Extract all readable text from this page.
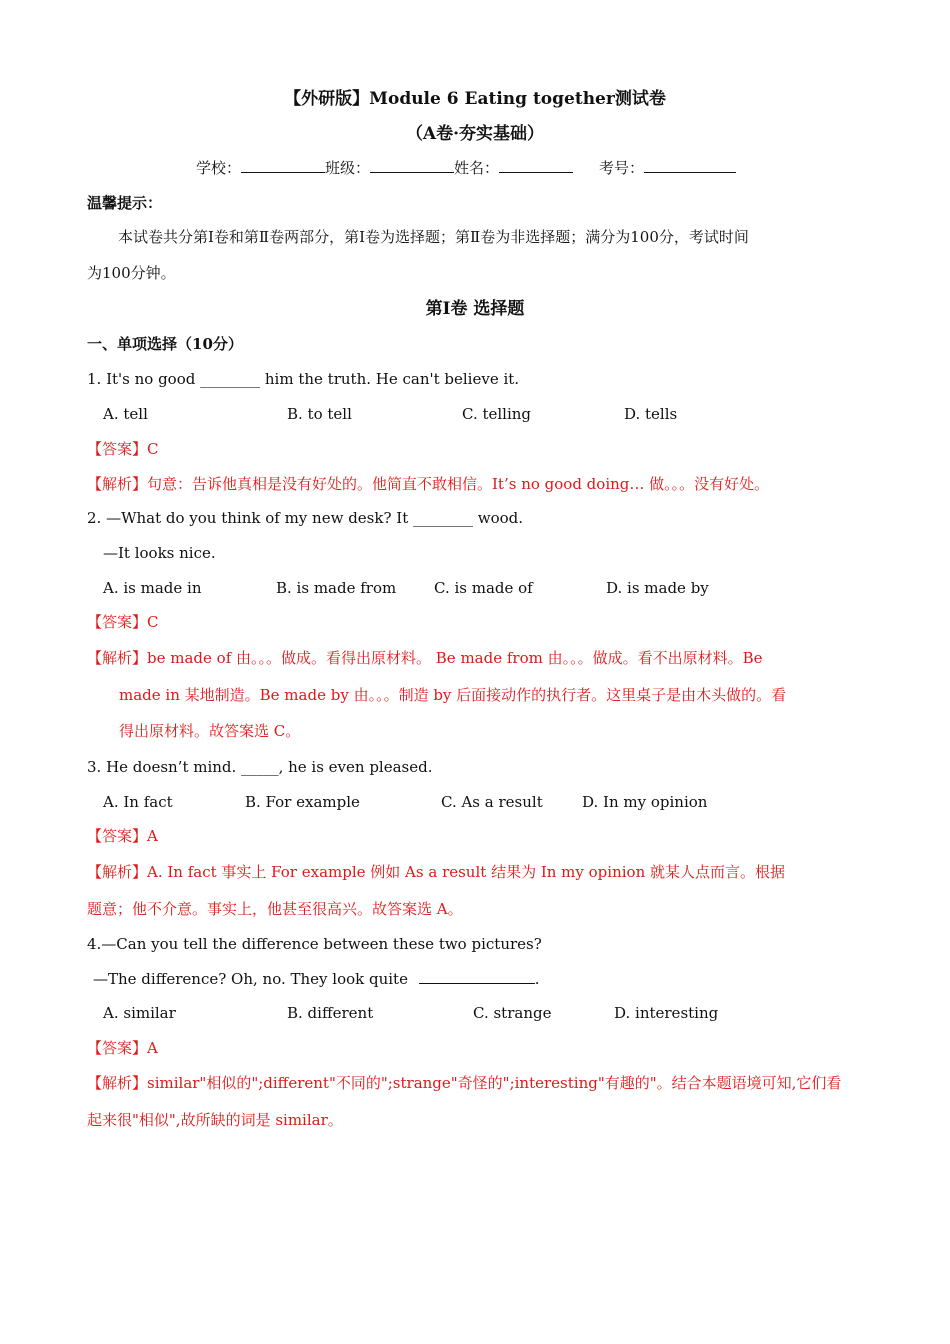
【外研版】Module 6 Eating together测试卷
（A卷·夯实基础）
学校：	班级：	姓名：	考号：
温馨提示：
本试卷共分第Ⅰ卷和第Ⅱ卷两部分，第Ⅰ卷为选择题；第Ⅱ卷为非选择题；满分为100分，考试时间
为100分钟。
第Ⅰ卷 选择题
一、单项选择（10分）
1. It's no good ________ him the truth. He can't believe it.
A. tell	B. to tell	C. telling	D. tells
【答案】C
【解析】句意：告诉他真相是没有好处的。他简直不敢相信。It’s no good doing… 做。。。没有好处。
2. —What do you think of my new desk? It ________ wood.
—It looks nice.
A. is made in	B. is made from	C. is made of	D. is made by
【答案】C
【解析】be made of 由。。。做成。看得出原材料。 Be made from 由。。。做成。看不出原材料。Be
made in 某地制造。Be made by 由。。。制造 by 后面接动作的执行者。这里桌子是由木头做的。看
得出原材料。故答案选 C。
3. He doesn’t mind. _____, he is even pleased.
A. In fact	B. For example	C. As a result	D. In my opinion
【答案】A
【解析】A. In fact 事实上 For example 例如 As a result 结果为 In my opinion 就某人点而言。根据
题意；他不介意。事实上，他甚至很高兴。故答案选 A。
4.—Can you tell the difference between these two pictures?
—The difference? Oh, no. They look quite	.
A. similar	B. different	C. strange	D. interesting
【答案】A
【解析】similar"相似的";different"不同的";strange"奇怪的";interesting"有趣的"。结合本题语境可知,它们看
起来很"相似",故所缺的词是 similar。
